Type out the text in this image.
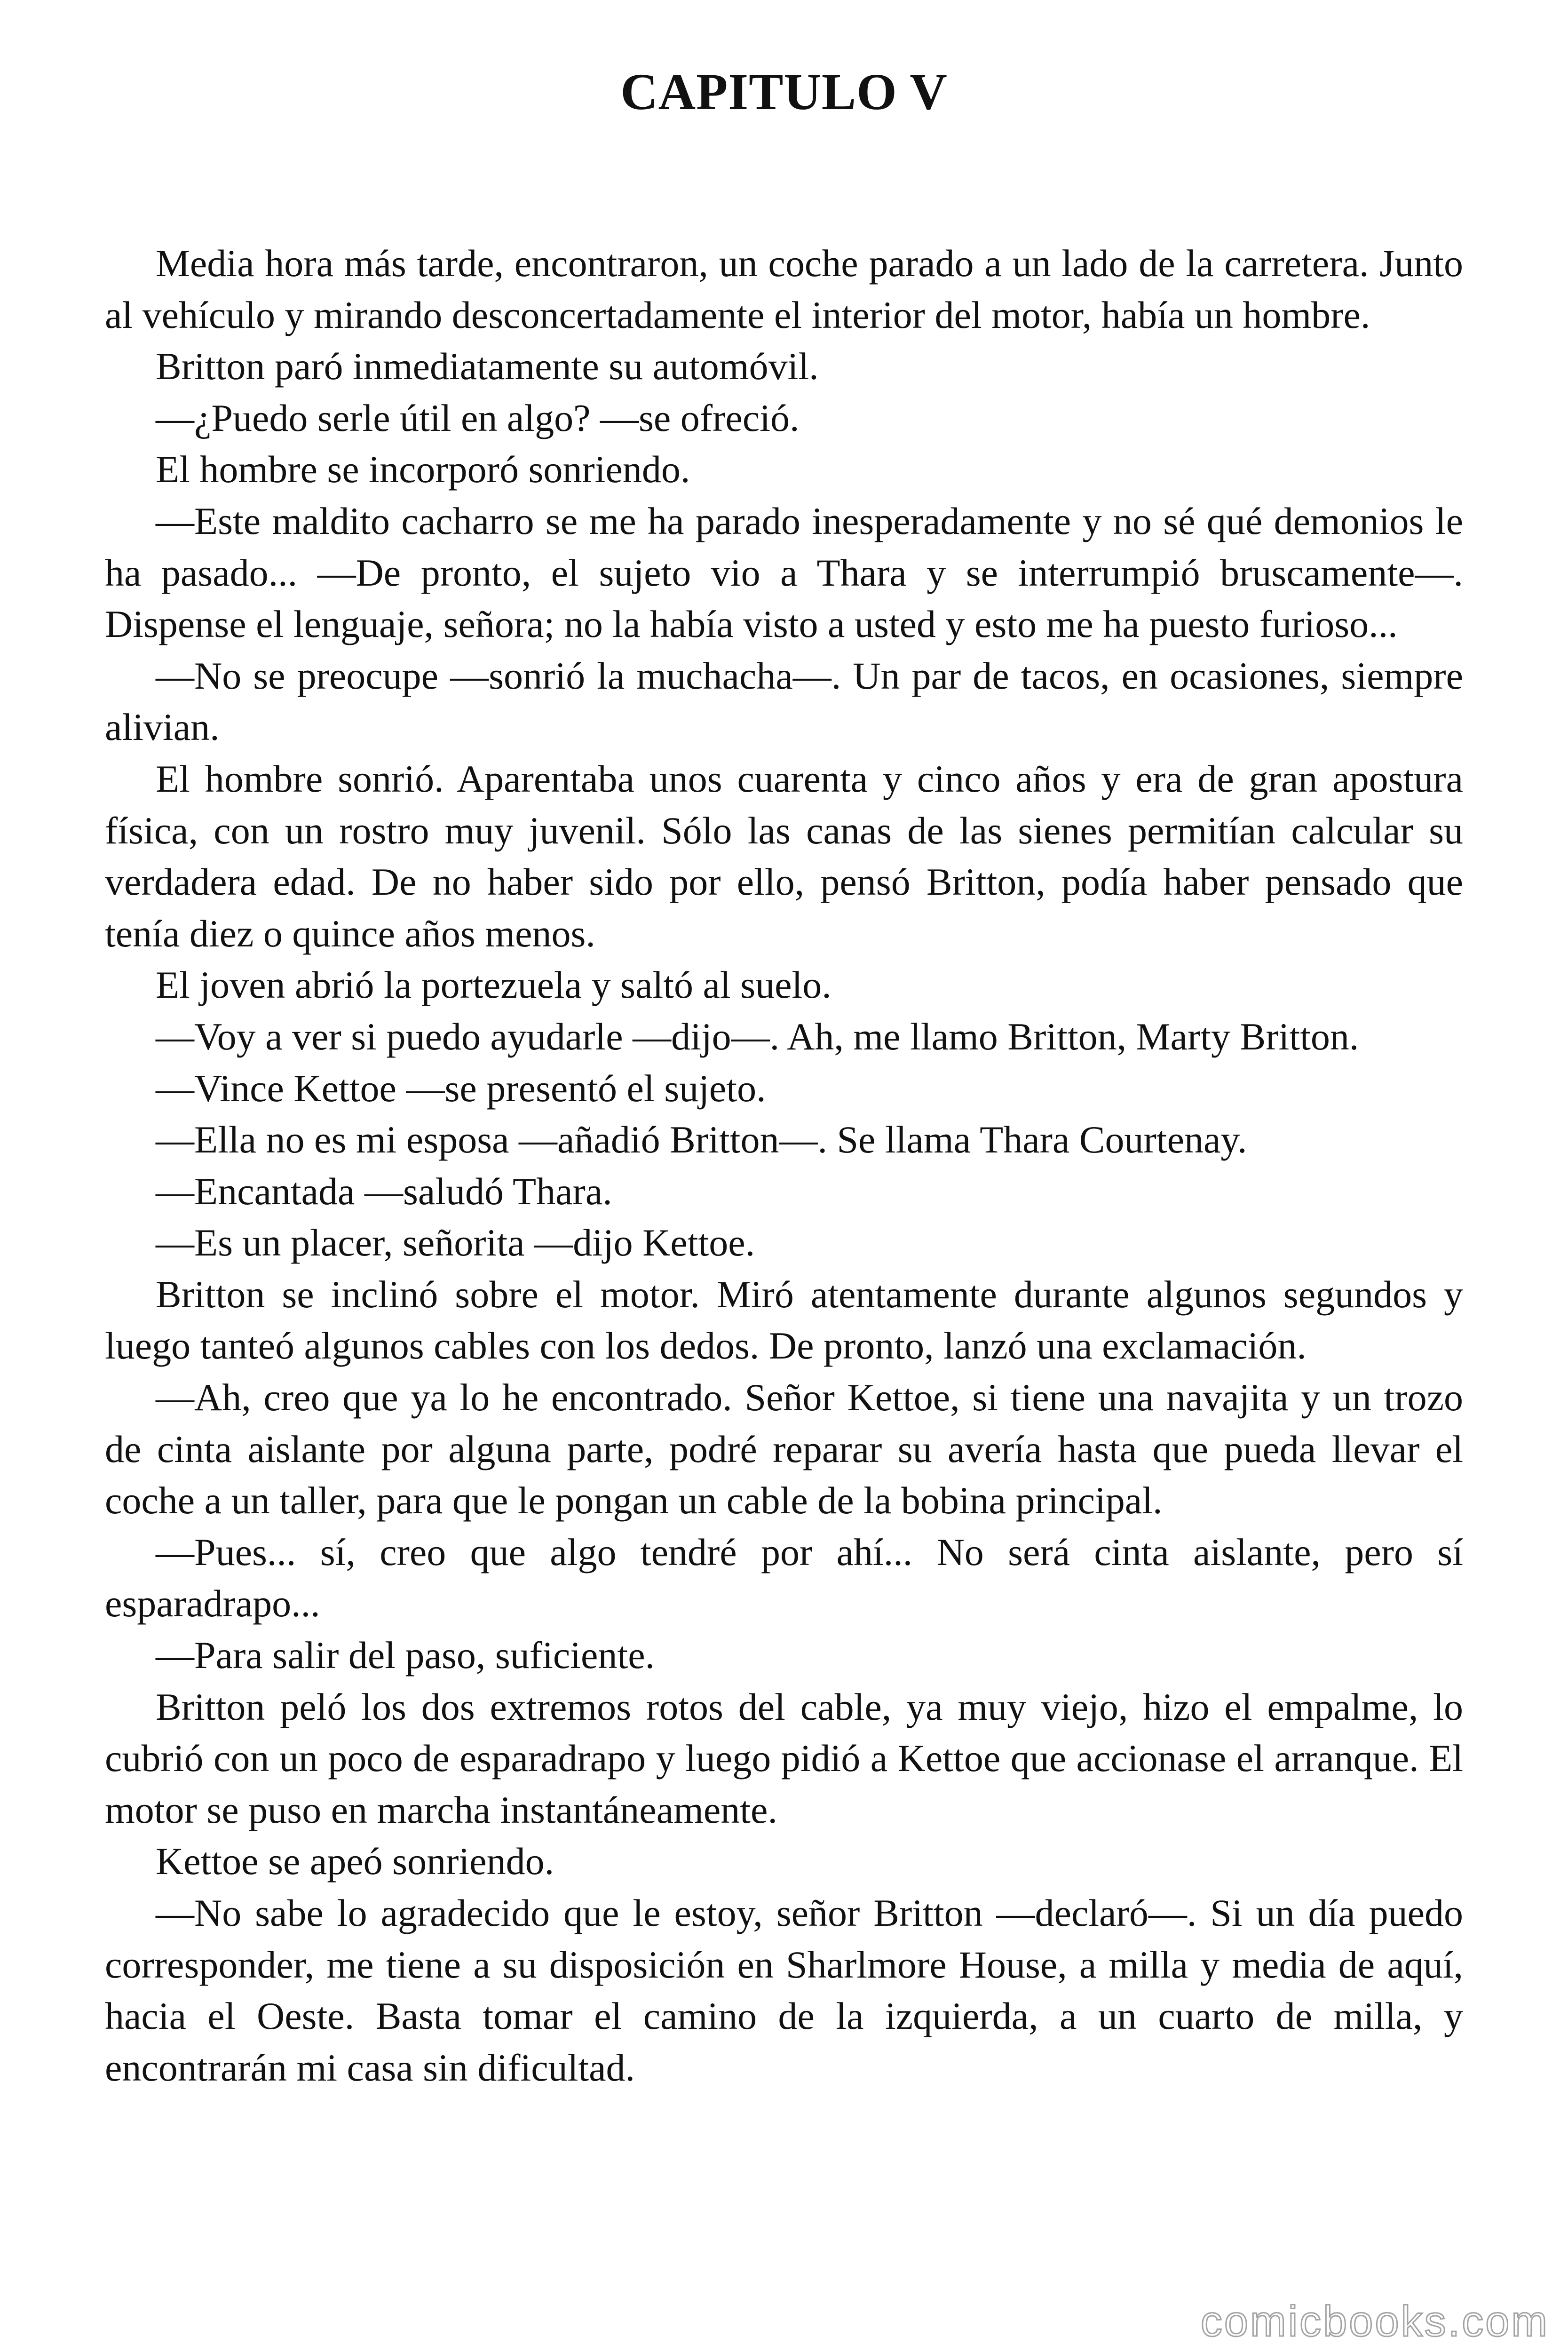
CAPITULO V

Media hora más tarde, encontraron, un coche parado a un lado de la carretera. Junto al vehículo y mirando desconcertadamente el interior del motor, había un hombre.

Britton paró inmediatamente su automóvil.

—¿Puedo serle útil en algo? —se ofreció.

El hombre se incorporó sonriendo.

—Este maldito cacharro se me ha parado inesperadamente y no sé qué demonios le ha pasado... —De pronto, el sujeto vio a Thara y se interrumpió bruscamente—. Dispense el lenguaje, señora; no la había visto a usted y esto me ha puesto furioso...

—No se preocupe —sonrió la muchacha—. Un par de tacos, en ocasiones, siempre alivian.

El hombre sonrió. Aparentaba unos cuarenta y cinco años y era de gran apostura física, con un rostro muy juvenil. Sólo las canas de las sienes permitían calcular su verdadera edad. De no haber sido por ello, pensó Britton, podía haber pensado que tenía diez o quince años menos.

El joven abrió la portezuela y saltó al suelo.

—Voy a ver si puedo ayudarle —dijo—. Ah, me llamo Britton, Marty Britton.

—Vince Kettoe —se presentó el sujeto.

—Ella no es mi esposa —añadió Britton—. Se llama Thara Courtenay.

—Encantada —saludó Thara.

—Es un placer, señorita —dijo Kettoe.

Britton se inclinó sobre el motor. Miró atentamente durante algunos segundos y luego tanteó algunos cables con los dedos. De pronto, lanzó una exclamación.

—Ah, creo que ya lo he encontrado. Señor Kettoe, si tiene una navajita y un trozo de cinta aislante por alguna parte, podré reparar su avería hasta que pueda llevar el coche a un taller, para que le pongan un cable de la bobina principal.

—Pues... sí, creo que algo tendré por ahí... No será cinta aislante, pero sí esparadrapo...

—Para salir del paso, suficiente.

Britton peló los dos extremos rotos del cable, ya muy viejo, hizo el empalme, lo cubrió con un poco de esparadrapo y luego pidió a Kettoe que accionase el arranque. El motor se puso en marcha instantáneamente.

Kettoe se apeó sonriendo.

—No sabe lo agradecido que le estoy, señor Britton —declaró—. Si un día puedo corresponder, me tiene a su disposición en Sharlmore House, a milla y media de aquí, hacia el Oeste. Basta tomar el camino de la izquierda, a un cuarto de milla, y encontrarán mi casa sin dificultad.

comicbooks.com
